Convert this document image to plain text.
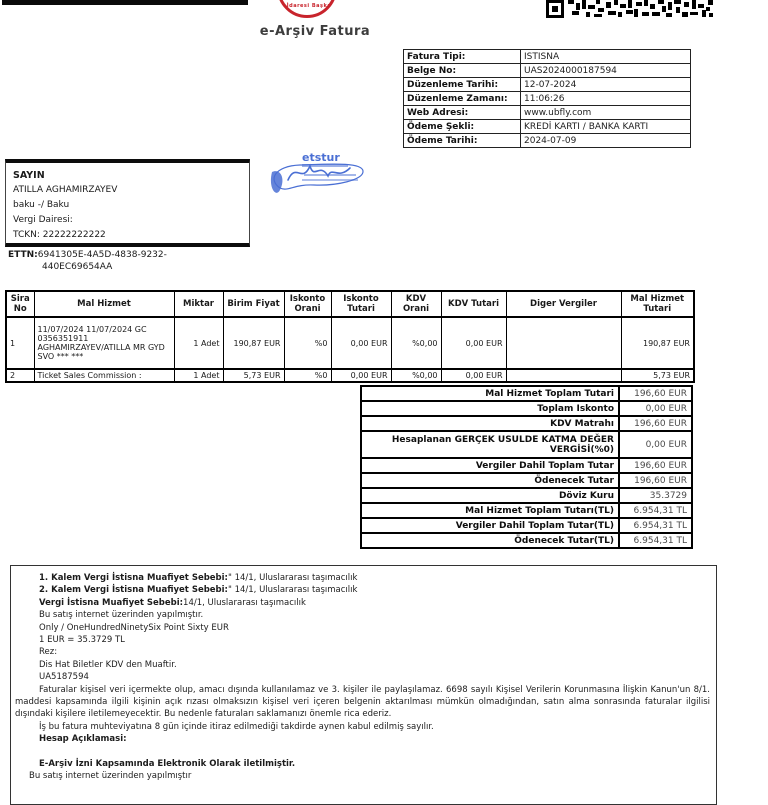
İdaresi Başka
e-Arşiv Fatura
Fatura Tipi:	ISTISNA
Belge No:	UAS2024000187594
Düzenleme Tarihi:	12-07-2024
Düzenleme Zamanı:	11:06:26
Web Adresi:	www.ubfly.com
Ödeme Şekli:	KREDİ KARTI / BANKA KARTI
Ödeme Tarihi:	2024-07-09
SAYIN
ATILLA AGHAMIRZAYEV
baku -/ Baku
Vergi Dairesi:
TCKN: 22222222222
etstur
ETTN:6941305E-4A5D-4838-9232-
440EC69654AA
Sira No	Mal Hizmet	Miktar	Birim Fiyat	Iskonto Orani	Iskonto Tutari	KDV Orani	KDV Tutari	Diger Vergiler	Mal Hizmet Tutari
1	11/07/2024 11/07/2024 GC 0356351911 AGHAMIRZAYEV/ATILLA MR GYD SVO *** ***	1 Adet	190,87 EUR	%0	0,00 EUR	%0,00	0,00 EUR		190,87 EUR
2	Ticket Sales Commission :	1 Adet	5,73 EUR	%0	0,00 EUR	%0,00	0,00 EUR		5,73 EUR
Mal Hizmet Toplam Tutari	196,60 EUR
Toplam Iskonto	0,00 EUR
KDV Matrahı	196,60 EUR
Hesaplanan GERÇEK USULDE KATMA DEĞER VERGİSİ(%0)	0,00 EUR
Vergiler Dahil Toplam Tutar	196,60 EUR
Ödenecek Tutar	196,60 EUR
Döviz Kuru	35.3729
Mal Hizmet Toplam Tutarı(TL)	6.954,31 TL
Vergiler Dahil Toplam Tutar(TL)	6.954,31 TL
Ödenecek Tutar(TL)	6.954,31 TL
1. Kalem Vergi İstisna Muafiyet Sebebi:" 14/1, Uluslararası taşımacılık
2. Kalem Vergi İstisna Muafiyet Sebebi:" 14/1, Uluslararası taşımacılık
Vergi İstisna Muafiyet Sebebi:14/1, Uluslararası taşımacılık
Bu satış internet üzerinden yapılmıştır.
Only / OneHundredNinetySix Point Sixty EUR
1 EUR = 35.3729 TL
Rez:
Dis Hat Biletler KDV den Muaftir.
UA5187594

Faturalar kişisel veri içermekte olup, amacı dışında kullanılamaz ve 3. kişiler ile paylaşılamaz. 6698 sayılı Kişisel Verilerin Korunmasına İlişkin Kanun'un 8/1. maddesi kapsamında ilgili kişinin açık rızası olmaksızın kişisel veri içeren belgenin aktarılması mümkün olmadığından, satın alma sonrasında faturalar ilgilisi dışındaki kişilere iletilemeyecektir. Bu nedenle faturaları saklamanızı önemle rica ederiz.

İş bu fatura muhteviyatına 8 gün içinde itiraz edilmediği takdirde aynen kabul edilmiş sayılır.
Hesap Açıklamasi:
E-Arşiv İzni Kapsamında Elektronik Olarak iletilmiştir.
Bu satış internet üzerinden yapılmıştır
